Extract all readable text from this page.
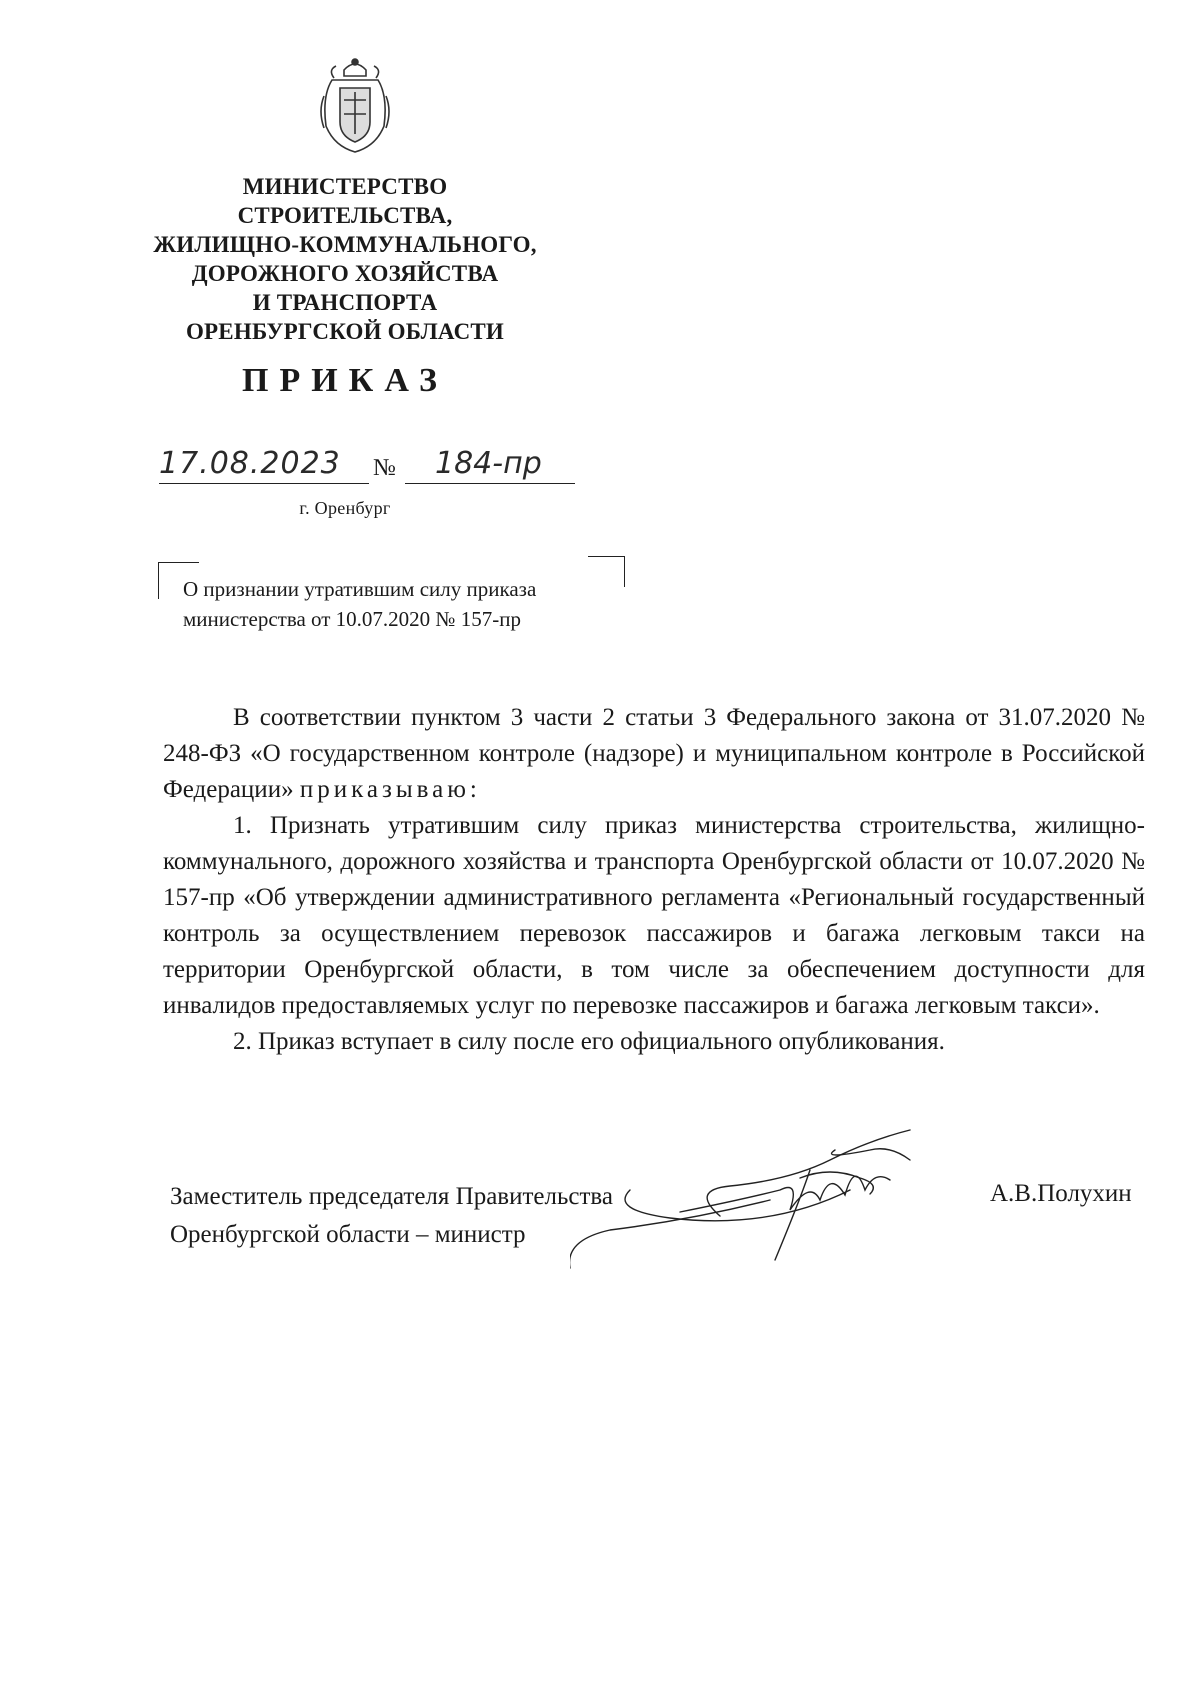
МИНИСТЕРСТВО
СТРОИТЕЛЬСТВА,
ЖИЛИЩНО-КОММУНАЛЬНОГО,
ДОРОЖНОГО ХОЗЯЙСТВА
И ТРАНСПОРТА
ОРЕНБУРГСКОЙ ОБЛАСТИ
ПРИКАЗ
17.08.2023	№	184-пр
г. Оренбург
О признании утратившим силу приказа
министерства от 10.07.2020 № 157-пр

В соответствии пунктом 3 части 2 статьи 3 Федерального закона от 31.07.2020 № 248-ФЗ «О государственном контроле (надзоре) и муниципальном контроле в Российской Федерации» приказываю:

1. Признать утратившим силу приказ министерства строительства, жилищно-коммунального, дорожного хозяйства и транспорта Оренбургской области от 10.07.2020 № 157-пр «Об утверждении административного регламента «Региональный государственный контроль за осуществлением перевозок пассажиров и багажа легковым такси на территории Оренбургской области, в том числе за обеспечением доступности для инвалидов предоставляемых услуг по перевозке пассажиров и багажа легковым такси».

2. Приказ вступает в силу после его официального опубликования.

Заместитель председателя Правительства
Оренбургской области – министр
А.В.Полухин
